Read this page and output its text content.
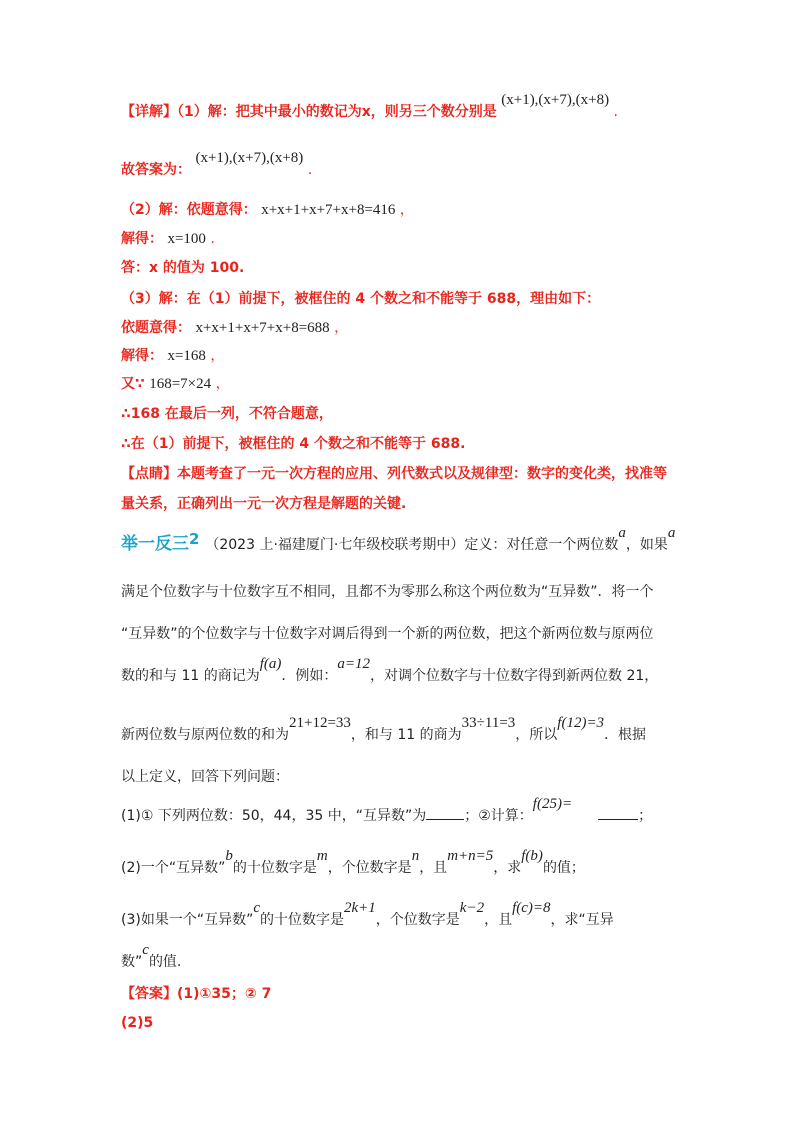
【详解】（1）解：把其中最小的数记为x，则另三个数分别是 (x+1),(x+7),(x+8) .
故答案为： (x+1),(x+7),(x+8) .
（2）解：依题意得： x+x+1+x+7+x+8=416 ，
解得： x=100 .
答：x 的值为 100.
（3）解：在（1）前提下，被框住的 4 个数之和不能等于 688，理由如下：
依题意得： x+x+1+x+7+x+8=688 ，
解得： x=168 ，
又∵ 168=7×24 ，
∴168 在最后一列，不符合题意，
∴在（1）前提下，被框住的 4 个数之和不能等于 688.
【点睛】本题考查了一元一次方程的应用、列代数式以及规律型：数字的变化类，找准等
量关系，正确列出一元一次方程是解题的关键.
举一反三2 （2023 上·福建厦门·七年级校联考期中）定义：对任意一个两位数a，如果a
满足个位数字与十位数字互不相同，且都不为零那么称这个两位数为“互异数”．将一个
“互异数”的个位数字与十位数字对调后得到一个新的两位数，把这个新两位数与原两位
数的和与 11 的商记为f(a)．例如：a=12，对调个位数字与十位数字得到新两位数 21，
新两位数与原两位数的和为21+12=33，和与 11 的商为33÷11=3，所以f(12)=3．根据
以上定义，回答下列问题：
(1)① 下列两位数：50，44，35 中，“互异数”为	；②计算：f(25)=；
(2)一个“互异数”b的十位数字是m，个位数字是n，且m+n=5，求f(b)的值；
(3)如果一个“互异数”c的十位数字是2k+1，个位数字是k−2，且f(c)=8，求“互异
数”c的值.
【答案】(1)①35；② 7
(2)5
